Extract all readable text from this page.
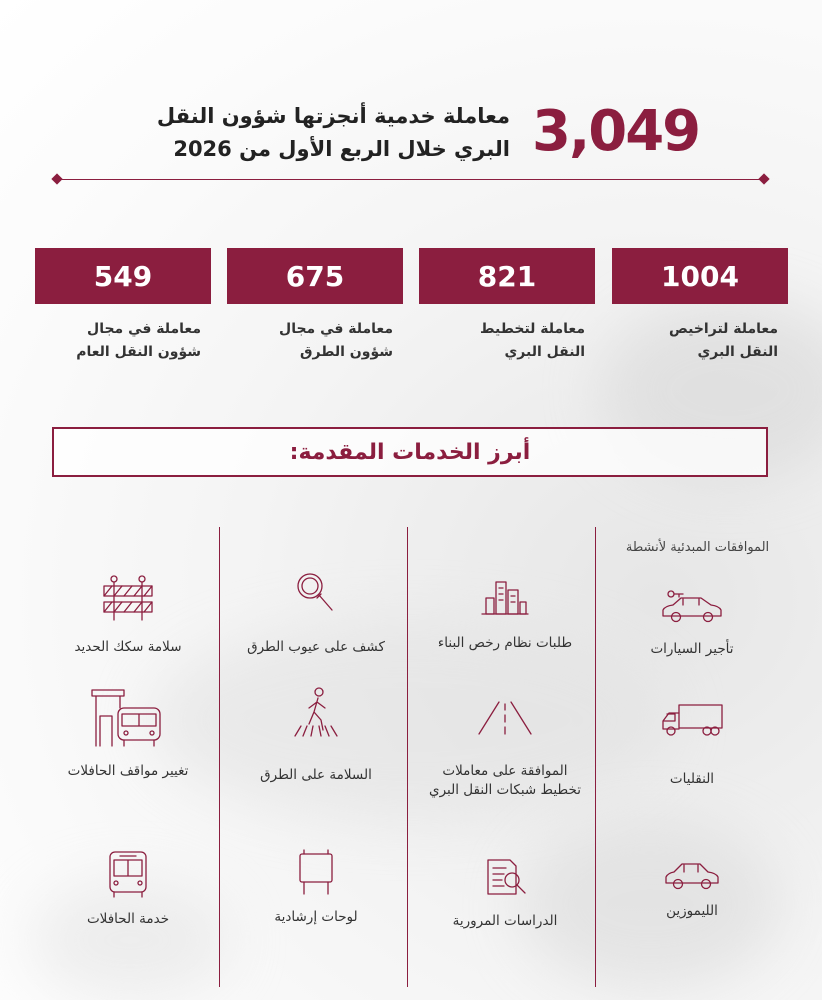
3,049
معاملة خدمية أنجزتها شؤون النقل
البري خلال الربع الأول من 2026
1004
معاملة لتراخيص
النقل البري
821
معاملة لتخطيط
النقل البري
675
معاملة في مجال
شؤون الطرق
549
معاملة في مجال
شؤون النقل العام
أبرز الخدمات المقدمة:
الموافقات المبدئية لأنشطة
تأجير السيارات
النقليات
الليموزين
طلبات نظام رخص البناء
الموافقة على معاملات
تخطيط شبكات النقل البري
الدراسات المرورية
كشف على عيوب الطرق
السلامة على الطرق
لوحات إرشادية
سلامة سكك الحديد
تغيير مواقف الحافلات
خدمة الحافلات
